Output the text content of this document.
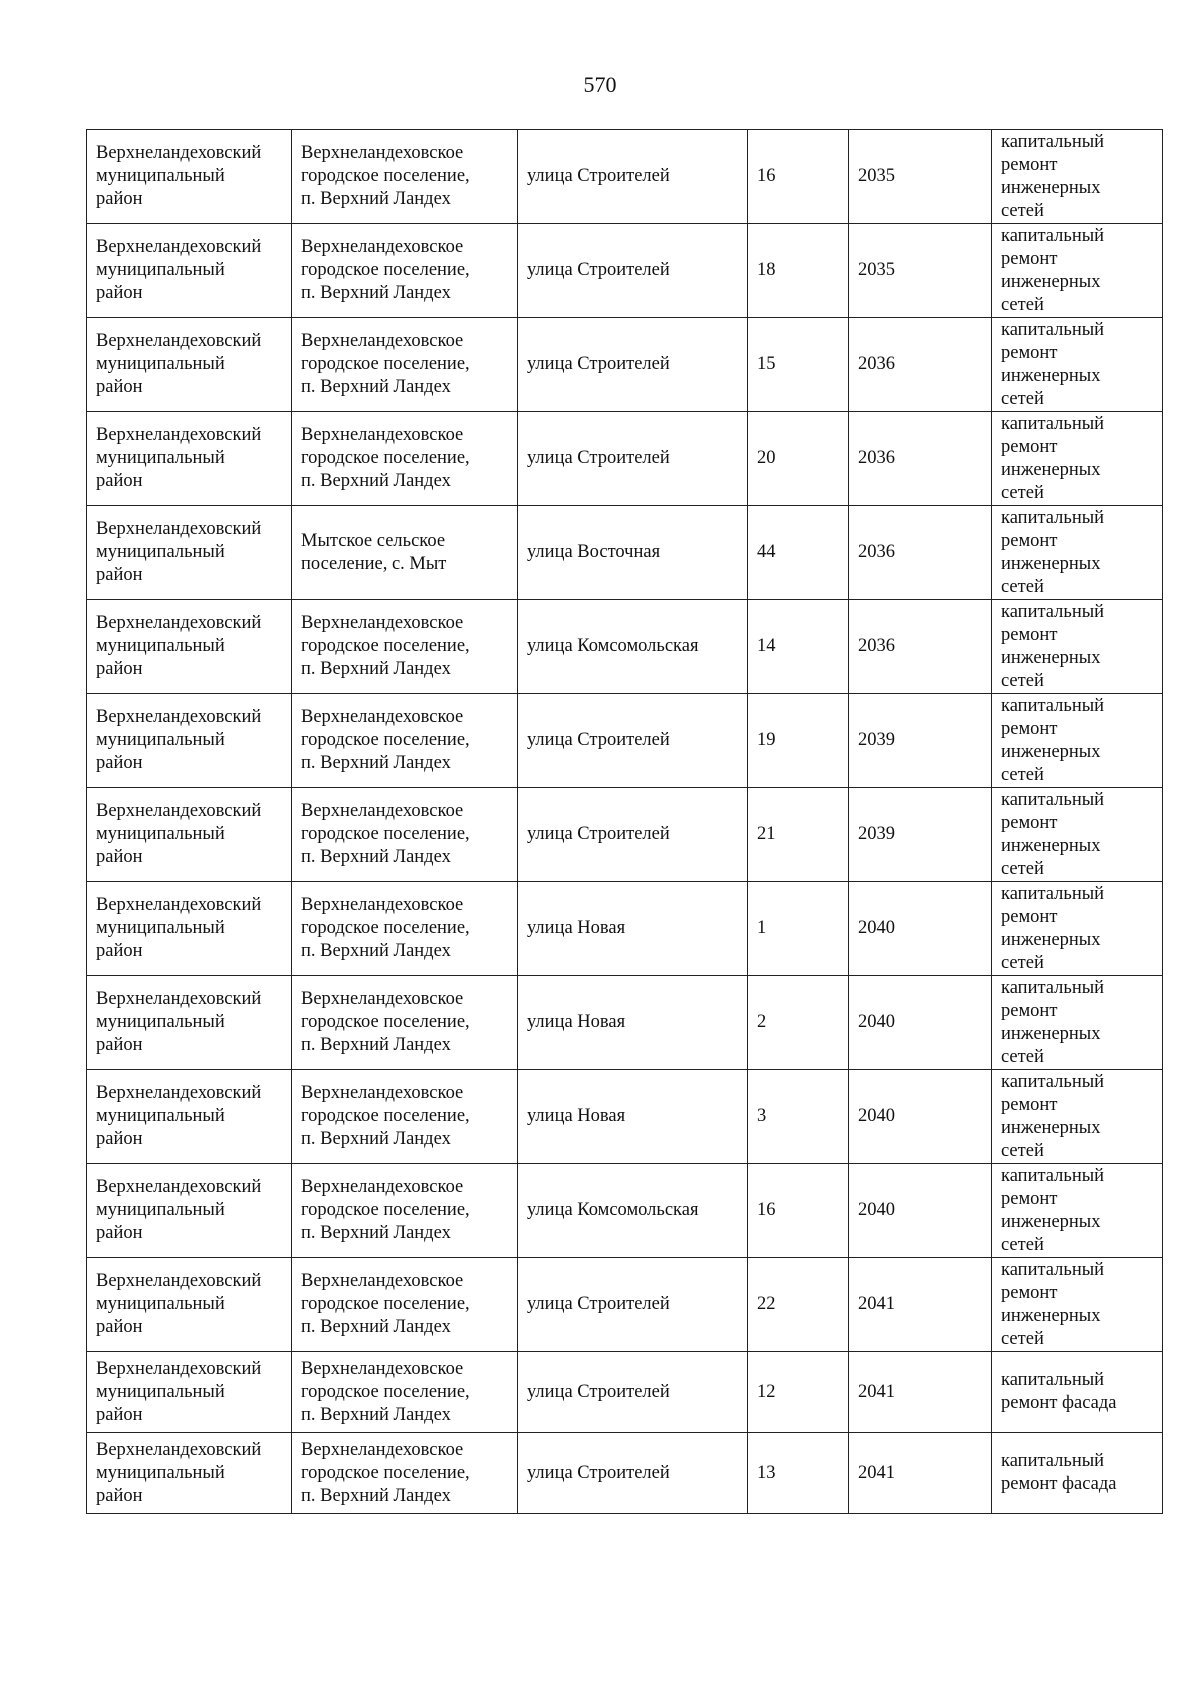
570
Верхнеландеховский
муниципальный
район	Верхнеландеховское
городское поселение,
п. Верхний Ландех	улица Строителей	16	2035	капитальный
ремонт
инженерных
сетей

Верхнеландеховский
муниципальный
район	Верхнеландеховское
городское поселение,
п. Верхний Ландех	улица Строителей	18	2035	капитальный
ремонт
инженерных
сетей

Верхнеландеховский
муниципальный
район	Верхнеландеховское
городское поселение,
п. Верхний Ландех	улица Строителей	15	2036	капитальный
ремонт
инженерных
сетей

Верхнеландеховский
муниципальный
район	Верхнеландеховское
городское поселение,
п. Верхний Ландех	улица Строителей	20	2036	капитальный
ремонт
инженерных
сетей

Верхнеландеховский
муниципальный
район	Мытское сельское
поселение, с. Мыт	улица Восточная	44	2036	капитальный
ремонт
инженерных
сетей

Верхнеландеховский
муниципальный
район	Верхнеландеховское
городское поселение,
п. Верхний Ландех	улица Комсомольская	14	2036	капитальный
ремонт
инженерных
сетей

Верхнеландеховский
муниципальный
район	Верхнеландеховское
городское поселение,
п. Верхний Ландех	улица Строителей	19	2039	капитальный
ремонт
инженерных
сетей

Верхнеландеховский
муниципальный
район	Верхнеландеховское
городское поселение,
п. Верхний Ландех	улица Строителей	21	2039	капитальный
ремонт
инженерных
сетей

Верхнеландеховский
муниципальный
район	Верхнеландеховское
городское поселение,
п. Верхний Ландех	улица Новая	1	2040	капитальный
ремонт
инженерных
сетей

Верхнеландеховский
муниципальный
район	Верхнеландеховское
городское поселение,
п. Верхний Ландех	улица Новая	2	2040	капитальный
ремонт
инженерных
сетей

Верхнеландеховский
муниципальный
район	Верхнеландеховское
городское поселение,
п. Верхний Ландех	улица Новая	3	2040	капитальный
ремонт
инженерных
сетей

Верхнеландеховский
муниципальный
район	Верхнеландеховское
городское поселение,
п. Верхний Ландех	улица Комсомольская	16	2040	капитальный
ремонт
инженерных
сетей

Верхнеландеховский
муниципальный
район	Верхнеландеховское
городское поселение,
п. Верхний Ландех	улица Строителей	22	2041	капитальный
ремонт
инженерных
сетей

Верхнеландеховский
муниципальный
район	Верхнеландеховское
городское поселение,
п. Верхний Ландех	улица Строителей	12	2041	капитальный
ремонт фасада

Верхнеландеховский
муниципальный
район	Верхнеландеховское
городское поселение,
п. Верхний Ландех	улица Строителей	13	2041	капитальный
ремонт фасада
